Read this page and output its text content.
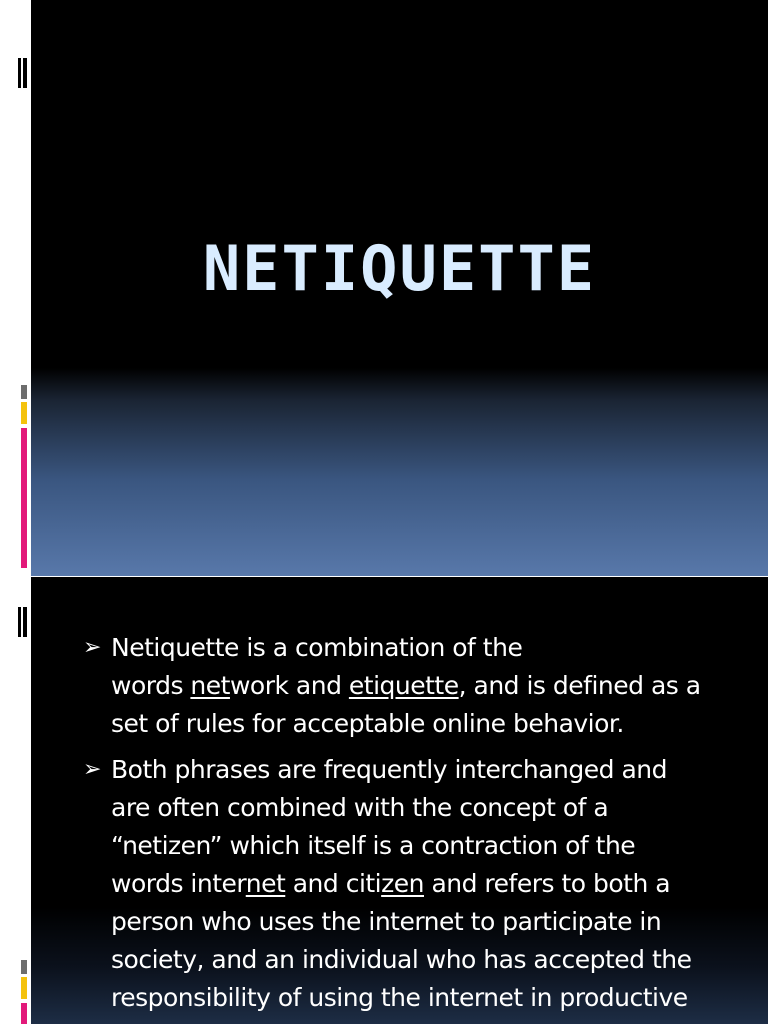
NETIQUETTE
➢ Netiquette is a combination of the
words network and etiquette, and is defined as a
set of rules for acceptable online behavior.
➢ Both phrases are frequently interchanged and
are often combined with the concept of a
“netizen” which itself is a contraction of the
words internet and citizen and refers to both a
person who uses the internet to participate in
society, and an individual who has accepted the
responsibility of using the internet in productive
